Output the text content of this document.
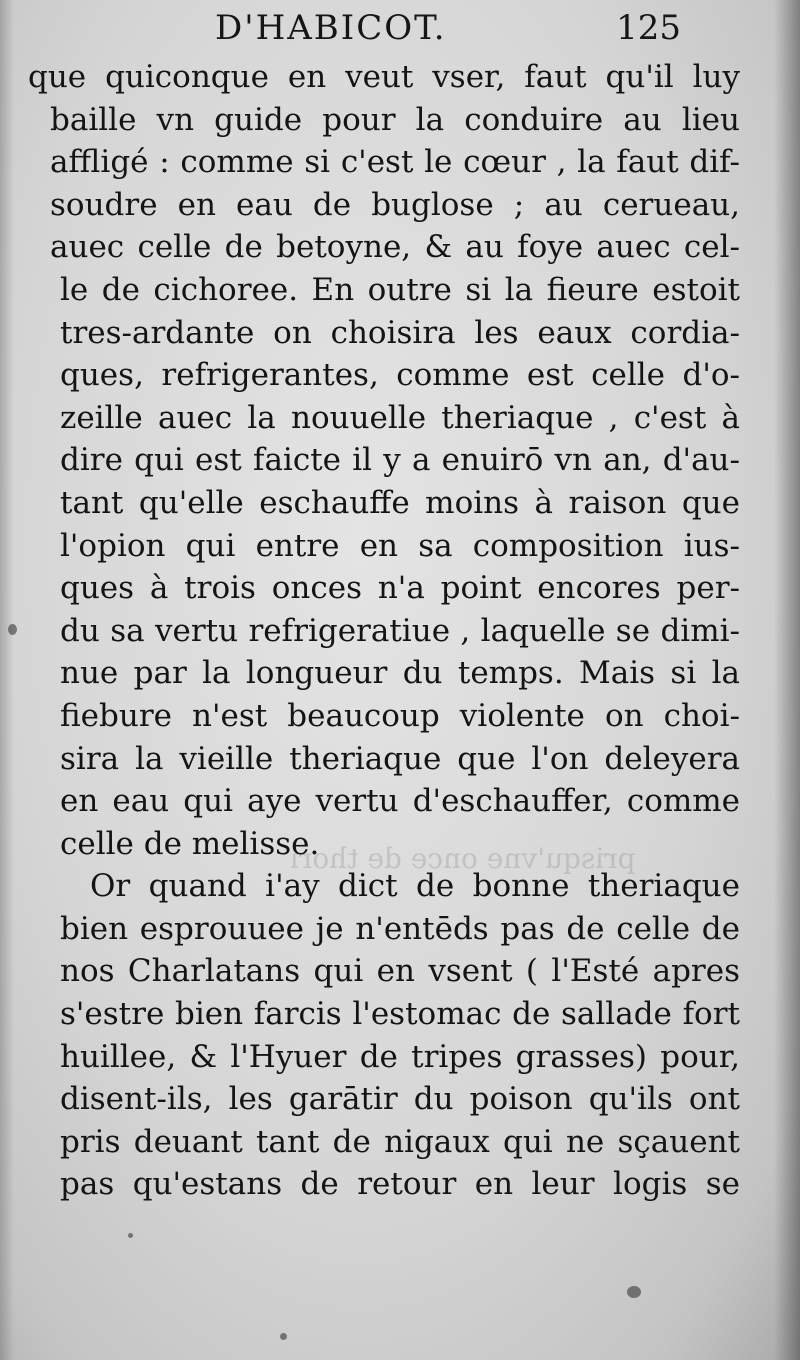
prisqu'vne once de thori
D'HABICOT.	125
que quiconque en veut vser, faut qu'il luy
baille vn guide pour la conduire au lieu
affligé : comme si c'est le cœur , la faut dif-
soudre en eau de buglose ; au cerueau,
auec celle de betoyne, & au foye auec cel-
le de cichoree. En outre si la fieure estoit
tres-ardante on choisira les eaux cordia-
ques, refrigerantes, comme est celle d'o-
zeille auec la nouuelle theriaque , c'est à
dire qui est faicte il y a enuirō vn an, d'au-
tant qu'elle eschauffe moins à raison que
l'opion qui entre en sa composition ius-
ques à trois onces n'a point encores per-
du sa vertu refrigeratiue , laquelle se dimi-
nue par la longueur du temps. Mais si la
fiebure n'est beaucoup violente on choi-
sira la vieille theriaque que l'on deleyera
en eau qui aye vertu d'eschauffer, comme
celle de melisse.
Or quand i'ay dict de bonne theriaque
bien esprouuee je n'entēds pas de celle de
nos Charlatans qui en vsent ( l'Esté apres
s'estre bien farcis l'estomac de sallade fort
huillee, & l'Hyuer de tripes grasses) pour,
disent-ils, les garātir du poison qu'ils ont
pris deuant tant de nigaux qui ne sçauent
pas qu'estans de retour en leur logis se
